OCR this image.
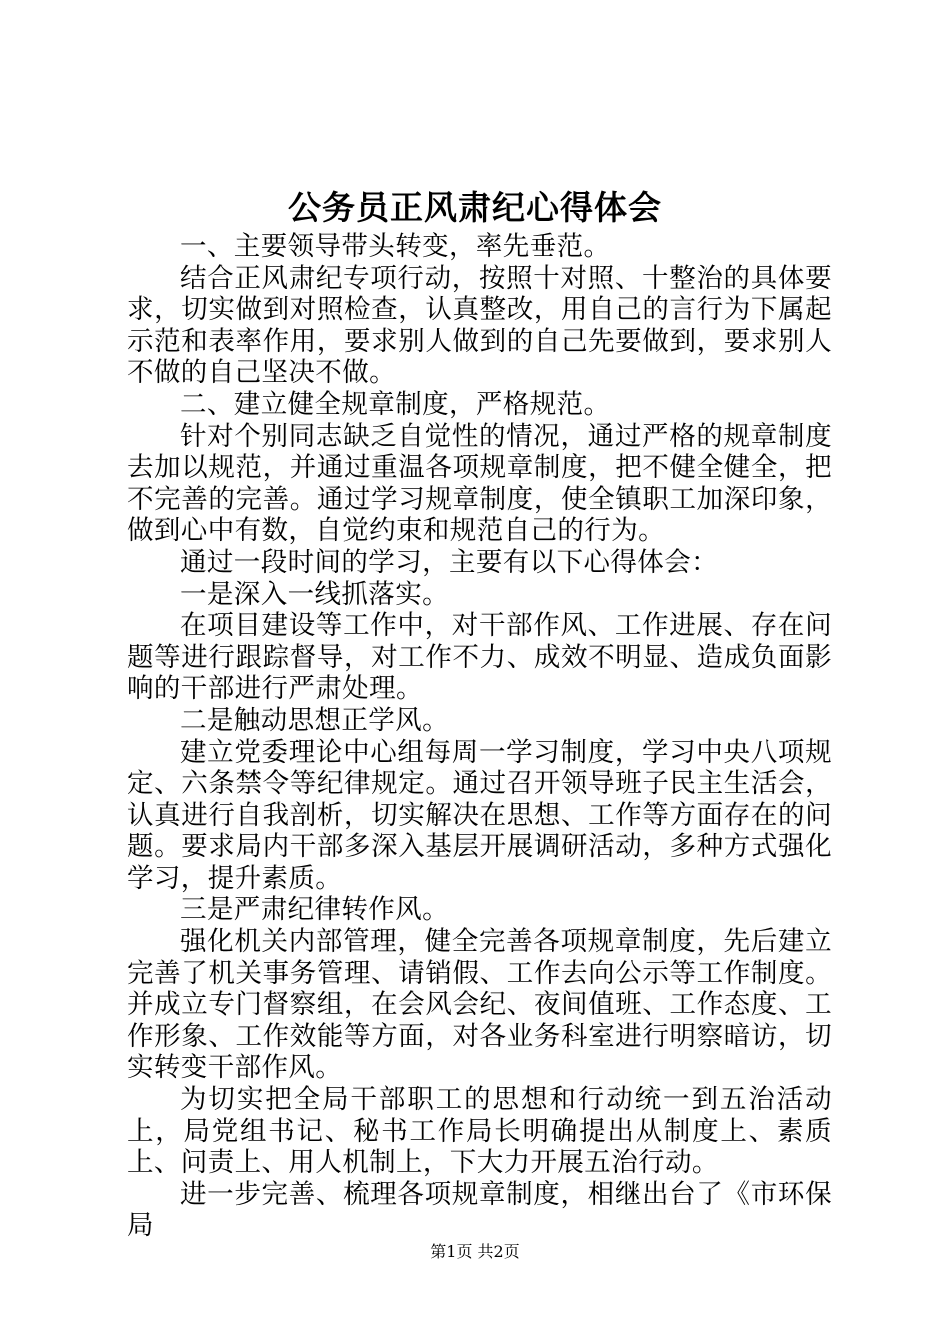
公务员正风肃纪心得体会

一、主要领导带头转变，率先垂范。

结合正风肃纪专项行动，按照十对照、十整治的具体要求，切实做到对照检查，认真整改，用自己的言行为下属起示范和表率作用，要求别人做到的自己先要做到，要求别人不做的自己坚决不做。

二、建立健全规章制度，严格规范。

针对个别同志缺乏自觉性的情况，通过严格的规章制度去加以规范，并通过重温各项规章制度，把不健全健全，把不完善的完善。通过学习规章制度，使全镇职工加深印象，做到心中有数，自觉约束和规范自己的行为。

通过一段时间的学习，主要有以下心得体会：

一是深入一线抓落实。

在项目建设等工作中，对干部作风、工作进展、存在问题等进行跟踪督导，对工作不力、成效不明显、造成负面影响的干部进行严肃处理。

二是触动思想正学风。

建立党委理论中心组每周一学习制度，学习中央八项规定、六条禁令等纪律规定。通过召开领导班子民主生活会，认真进行自我剖析，切实解决在思想、工作等方面存在的问题。要求局内干部多深入基层开展调研活动，多种方式强化学习，提升素质。

三是严肃纪律转作风。

强化机关内部管理，健全完善各项规章制度，先后建立完善了机关事务管理、请销假、工作去向公示等工作制度。并成立专门督察组，在会风会纪、夜间值班、工作态度、工作形象、工作效能等方面，对各业务科室进行明察暗访，切实转变干部作风。

为切实把全局干部职工的思想和行动统一到五治活动上，局党组书记、秘书工作局长明确提出从制度上、素质上、问责上、用人机制上，下大力开展五治行动。

进一步完善、梳理各项规章制度，相继出台了《市环保局

第1页 共2页
